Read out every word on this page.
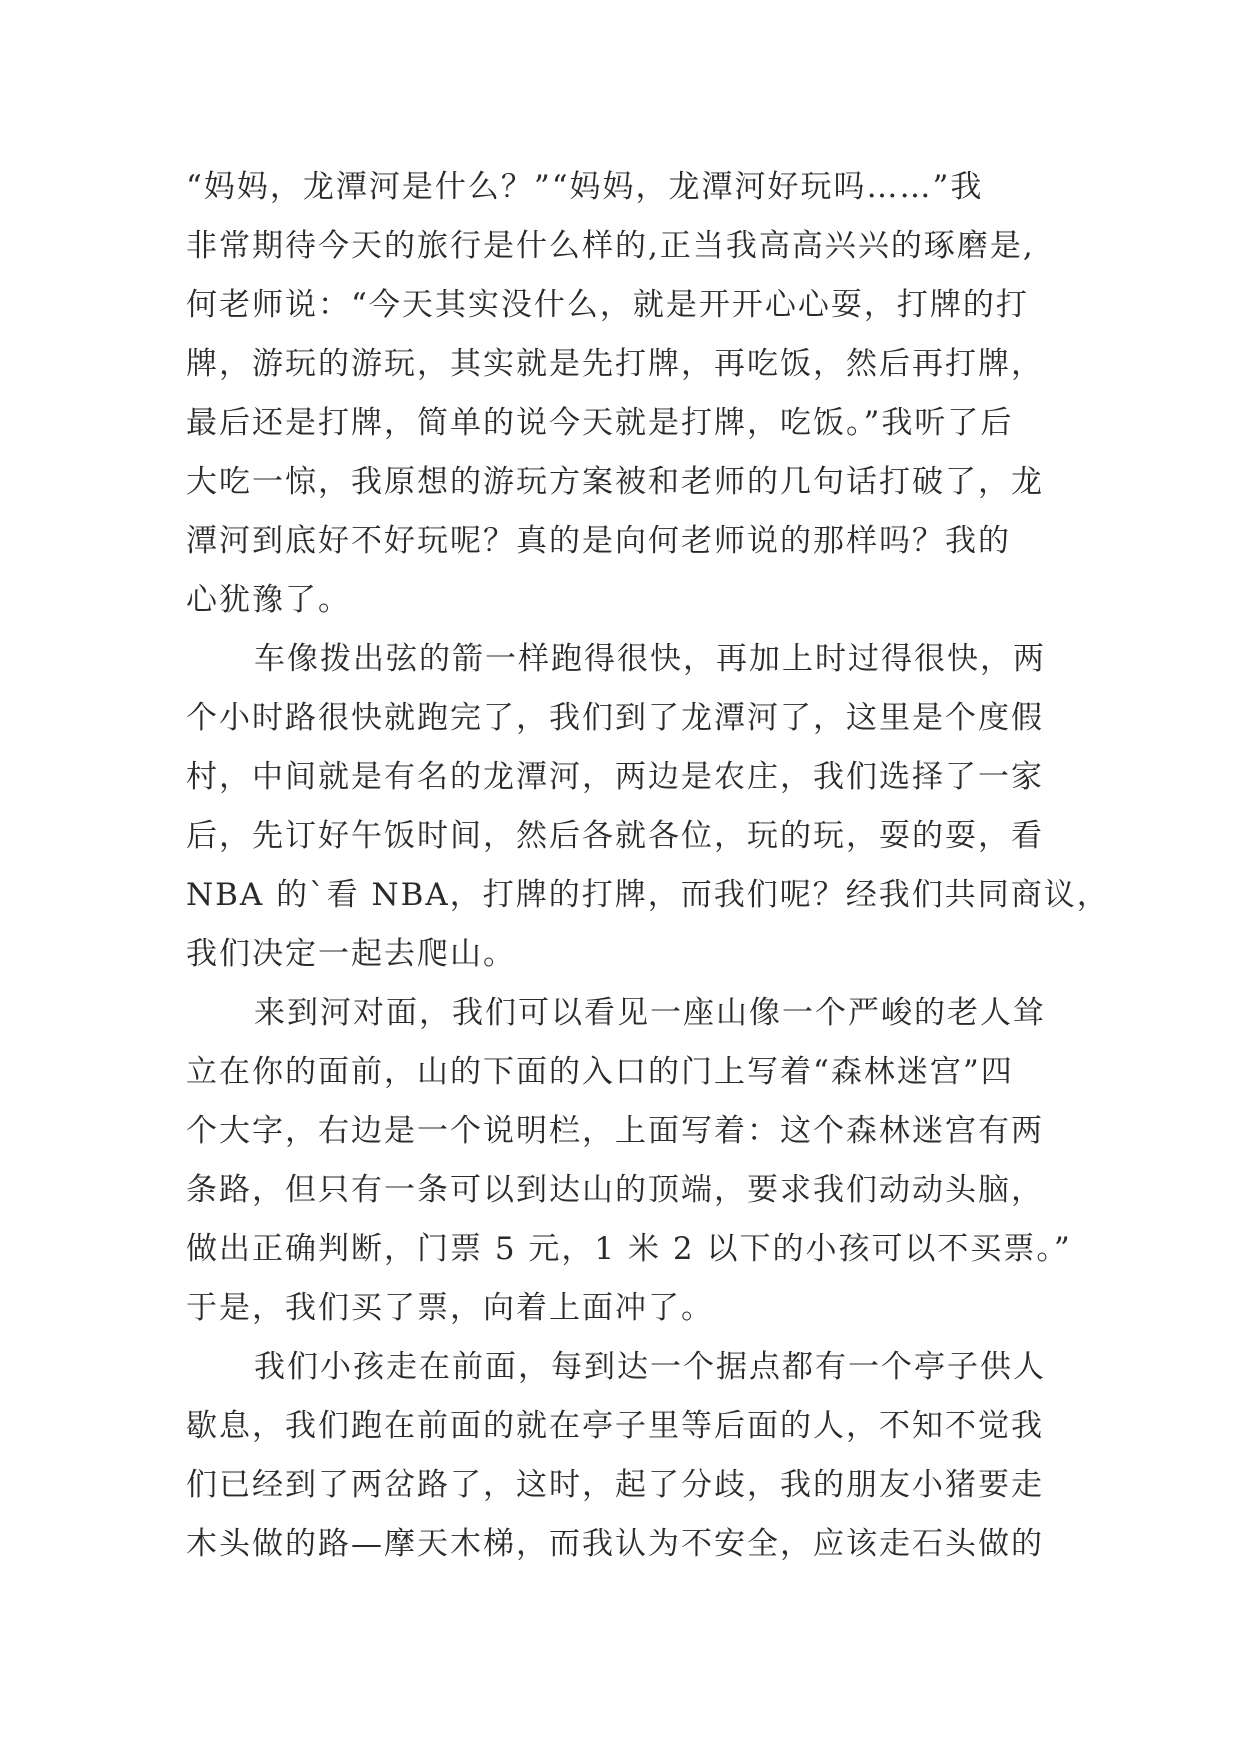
“妈妈，龙潭河是什么？”“妈妈，龙潭河好玩吗……”我
非常期待今天的旅行是什么样的,正当我高高兴兴的琢磨是,
何老师说：“今天其实没什么，就是开开心心耍，打牌的打
牌，游玩的游玩，其实就是先打牌，再吃饭，然后再打牌，
最后还是打牌，简单的说今天就是打牌，吃饭。”我听了后
大吃一惊，我原想的游玩方案被和老师的几句话打破了，龙
潭河到底好不好玩呢？真的是向何老师说的那样吗？我的
心犹豫了。
车像拨出弦的箭一样跑得很快，再加上时过得很快，两
个小时路很快就跑完了，我们到了龙潭河了，这里是个度假
村，中间就是有名的龙潭河，两边是农庄，我们选择了一家
后，先订好午饭时间，然后各就各位，玩的玩，耍的耍，看
NBA 的`看 NBA，打牌的打牌，而我们呢？经我们共同商议，
我们决定一起去爬山。
来到河对面，我们可以看见一座山像一个严峻的老人耸
立在你的面前，山的下面的入口的门上写着“森林迷宫”四
个大字，右边是一个说明栏，上面写着：这个森林迷宫有两
条路，但只有一条可以到达山的顶端，要求我们动动头脑，
做出正确判断，门票 5 元，1 米 2 以下的小孩可以不买票。”
于是，我们买了票，向着上面冲了。
我们小孩走在前面，每到达一个据点都有一个亭子供人
歇息，我们跑在前面的就在亭子里等后面的人，不知不觉我
们已经到了两岔路了，这时，起了分歧，我的朋友小猪要走
木头做的路—摩天木梯，而我认为不安全，应该走石头做的
